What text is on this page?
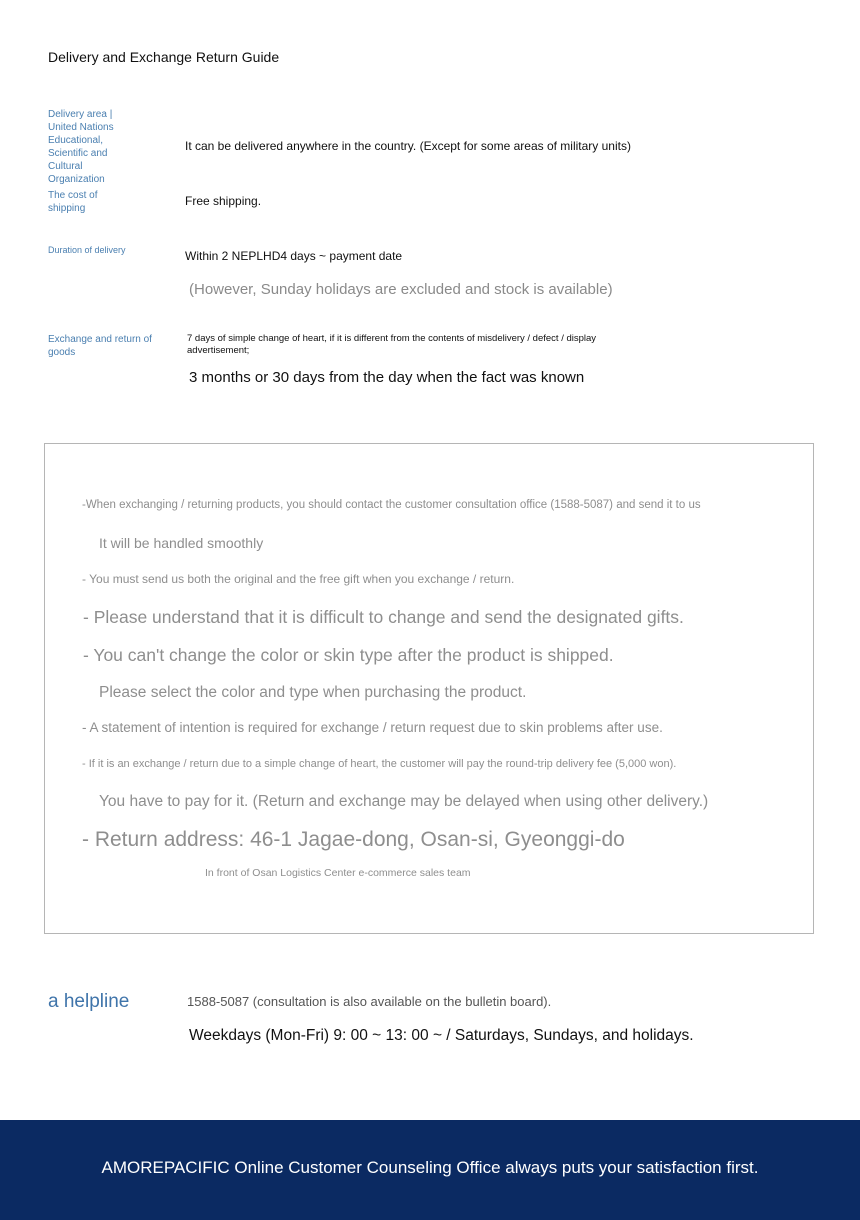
Delivery and Exchange Return Guide
Delivery area | United Nations Educational, Scientific and Cultural Organization
It can be delivered anywhere in the country. (Except for some areas of military units)
The cost of shipping
Free shipping.
Duration of delivery	Within 2 NEPLHD4 days ~ payment date
(However, Sunday holidays are excluded and stock is available)
Exchange and return of goods
7 days of simple change of heart, if it is different from the contents of misdelivery / defect / display advertisement;
3 months or 30 days from the day when the fact was known
-When exchanging / returning products, you should contact the customer consultation office (1588-5087) and send it to us
It will be handled smoothly
- You must send us both the original and the free gift when you exchange / return.
- Please understand that it is difficult to change and send the designated gifts.
- You can't change the color or skin type after the product is shipped.
Please select the color and type when purchasing the product.
- A statement of intention is required for exchange / return request due to skin problems after use.
- If it is an exchange / return due to a simple change of heart, the customer will pay the round-trip delivery fee (5,000 won).
You have to pay for it. (Return and exchange may be delayed when using other delivery.)
- Return address: 46-1 Jagae-dong, Osan-si, Gyeonggi-do
In front of Osan Logistics Center e-commerce sales team
a helpline	1588-5087 (consultation is also available on the bulletin board).
Weekdays (Mon-Fri) 9: 00 ~ 13: 00 ~ / Saturdays, Sundays, and holidays.
AMOREPACIFIC Online Customer Counseling Office always puts your satisfaction first.
